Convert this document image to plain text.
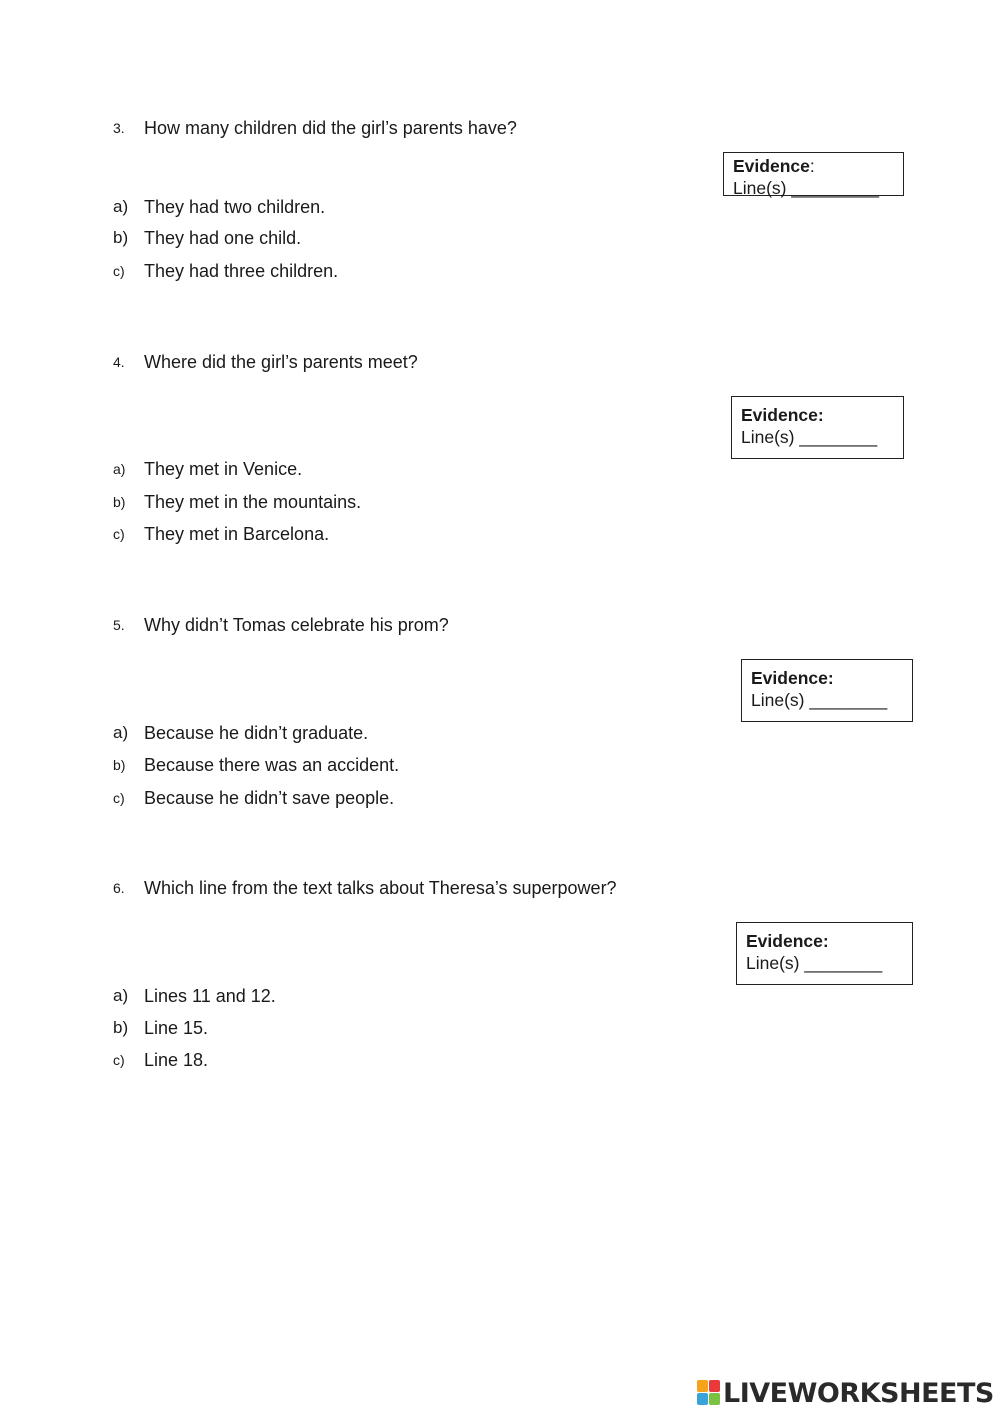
3. How many children did the girl’s parents have?
Evidence:
Line(s) _________
a) They had two children.
b) They had one child.
c) They had three children.
4. Where did the girl’s parents meet?
Evidence:
Line(s) ________
a) They met in Venice.
b) They met in the mountains.
c) They met in Barcelona.
5. Why didn’t Tomas celebrate his prom?
Evidence:
Line(s) ________
a) Because he didn’t graduate.
b) Because there was an accident.
c) Because he didn’t save people.
6. Which line from the text talks about Theresa’s superpower?
Evidence:
Line(s) ________
a) Lines 11 and 12.
b) Line 15.
c) Line 18.
LIVEWORKSHEETS
